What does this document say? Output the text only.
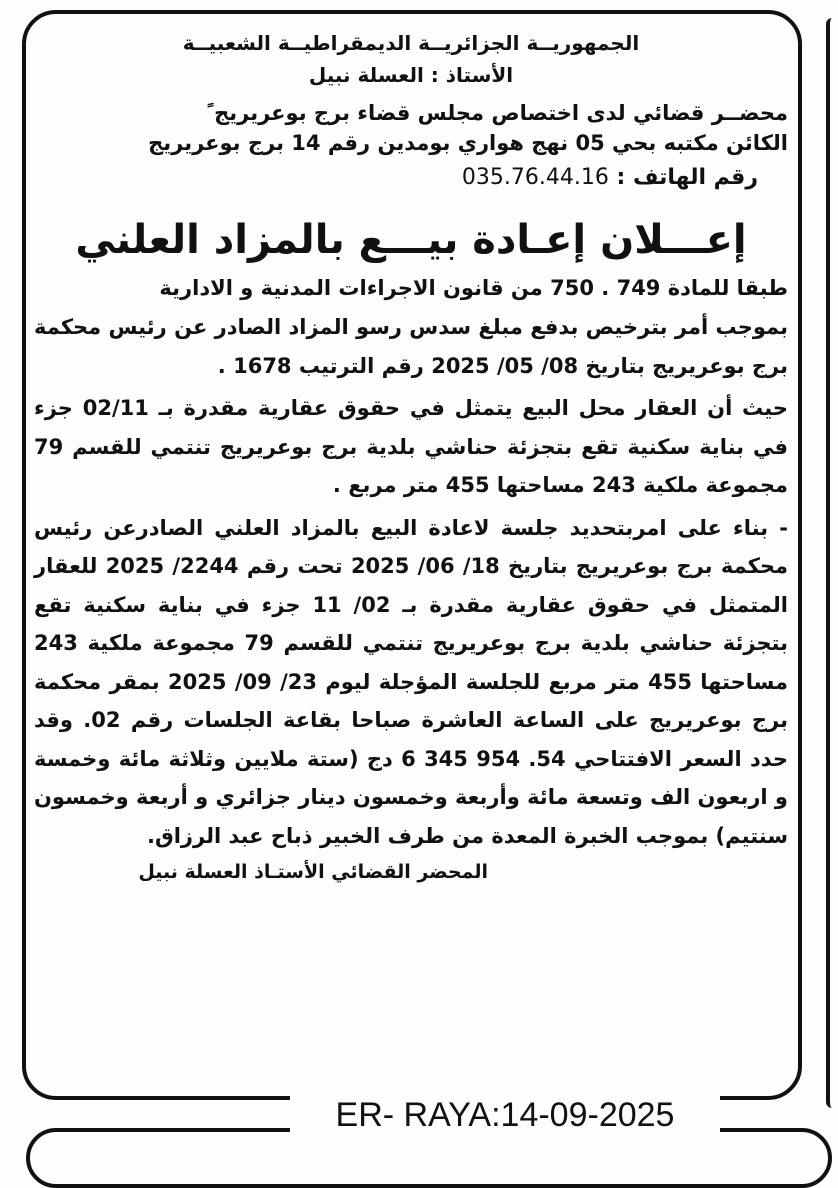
الجمهوريــة الجزائريــة الديمقراطيــة الشعبيــة

الأستاذ : العسلة نبيل

محضــر قضائي لدى اختصاص مجلس قضاء برج بوعريريج ً

الكائن مكتبه بحي 05 نهج هواري بومدين رقم 14 برج بوعريريج

رقم الهاتف : 035.76.44.16

إعـــلان إعـادة بيـــع بالمزاد العلني

طبقا للمادة 749 . 750 من قانون الاجراءات المدنية و الادارية

بموجب أمر بترخيص بدفع مبلغ سدس رسو المزاد الصادر عن رئيس محكمة برج بوعريريج بتاريخ 08/ 05/ 2025 رقم الترتيب 1678 .

حيث أن العقار محل البيع يتمثل في حقوق عقارية مقدرة بـ 02/11 جزء في بناية سكنية تقع بتجزئة حناشي بلدية برج بوعريريج تنتمي للقسم 79 مجموعة ملكية 243 مساحتها 455 متر مربع .

- بناء على امربتحديد جلسة لاعادة البيع بالمزاد العلني الصادرعن رئيس محكمة برج بوعريريج بتاريخ 18/ 06/ 2025 تحت رقم 2244/ 2025 للعقار المتمثل في حقوق عقارية مقدرة بـ 02/ 11 جزء في بناية سكنية تقع بتجزئة حناشي بلدية برج بوعريريج تنتمي للقسم 79 مجموعة ملكية 243 مساحتها 455 متر مربع للجلسة المؤجلة ليوم 23/ 09/ 2025 بمقر محكمة برج بوعريريج على الساعة العاشرة صباحا بقاعة الجلسات رقم 02. وقد حدد السعر الافتتاحي 54. 954 345 6 دج (ستة ملايين وثلاثة مائة وخمسة و اربعون الف وتسعة مائة وأربعة وخمسون دينار جزائري و أربعة وخمسون سنتيم) بموجب الخبرة المعدة من طرف الخبير ذباح عبد الرزاق.

المحضر القضائي الأستـاذ العسلة نبيل

ER- RAYA:14-09-2025
